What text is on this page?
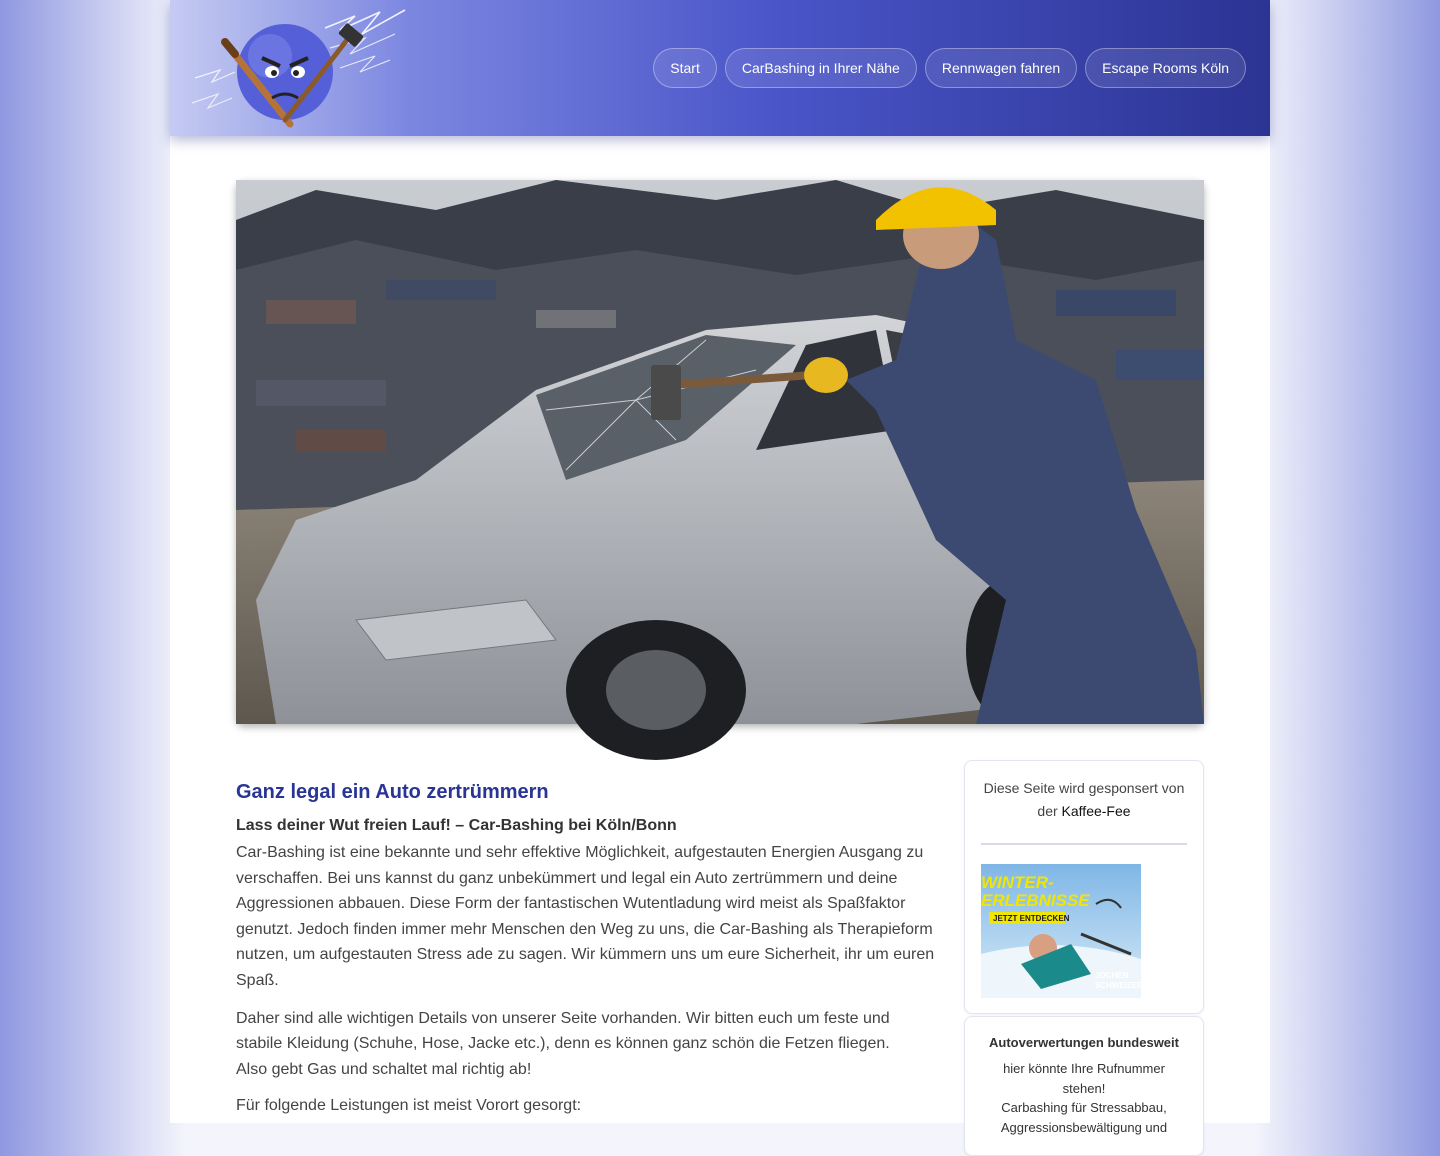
Start	CarBashing in Ihrer Nähe	Rennwagen fahren	Escape Rooms Köln
Ganz legal ein Auto zertrümmern

Lass deiner Wut freien Lauf! – Car-Bashing bei Köln/Bonn

Car-Bashing ist eine bekannte und sehr effektive Möglichkeit, aufgestauten Energien Ausgang zu verschaffen. Bei uns kannst du ganz unbekümmert und legal ein Auto zertrümmern und deine Aggressionen abbauen. Diese Form der fantastischen Wutentladung wird meist als Spaßfaktor genutzt. Jedoch finden immer mehr Menschen den Weg zu uns, die Car-Bashing als Therapieform nutzen, um aufgestauten Stress ade zu sagen. Wir kümmern uns um eure Sicherheit, ihr um euren Spaß.

Daher sind alle wichtigen Details von unserer Seite vorhanden. Wir bitten euch um feste und stabile Kleidung (Schuhe, Hose, Jacke etc.), denn es können ganz schön die Fetzen fliegen.
Also gebt Gas und schaltet mal richtig ab!

Für folgende Leistungen ist meist Vorort gesorgt:

Diese Seite wird gesponsert von der Kaffee-Fee
WINTER-
ERLEBNISSE
JETZT ENTDECKEN
JOCHEN
SCHWEIZER
Autoverwertungen bundesweit
hier könnte Ihre Rufnummer stehen!
Carbashing für Stressabbau, Aggressionsbewältigung und
